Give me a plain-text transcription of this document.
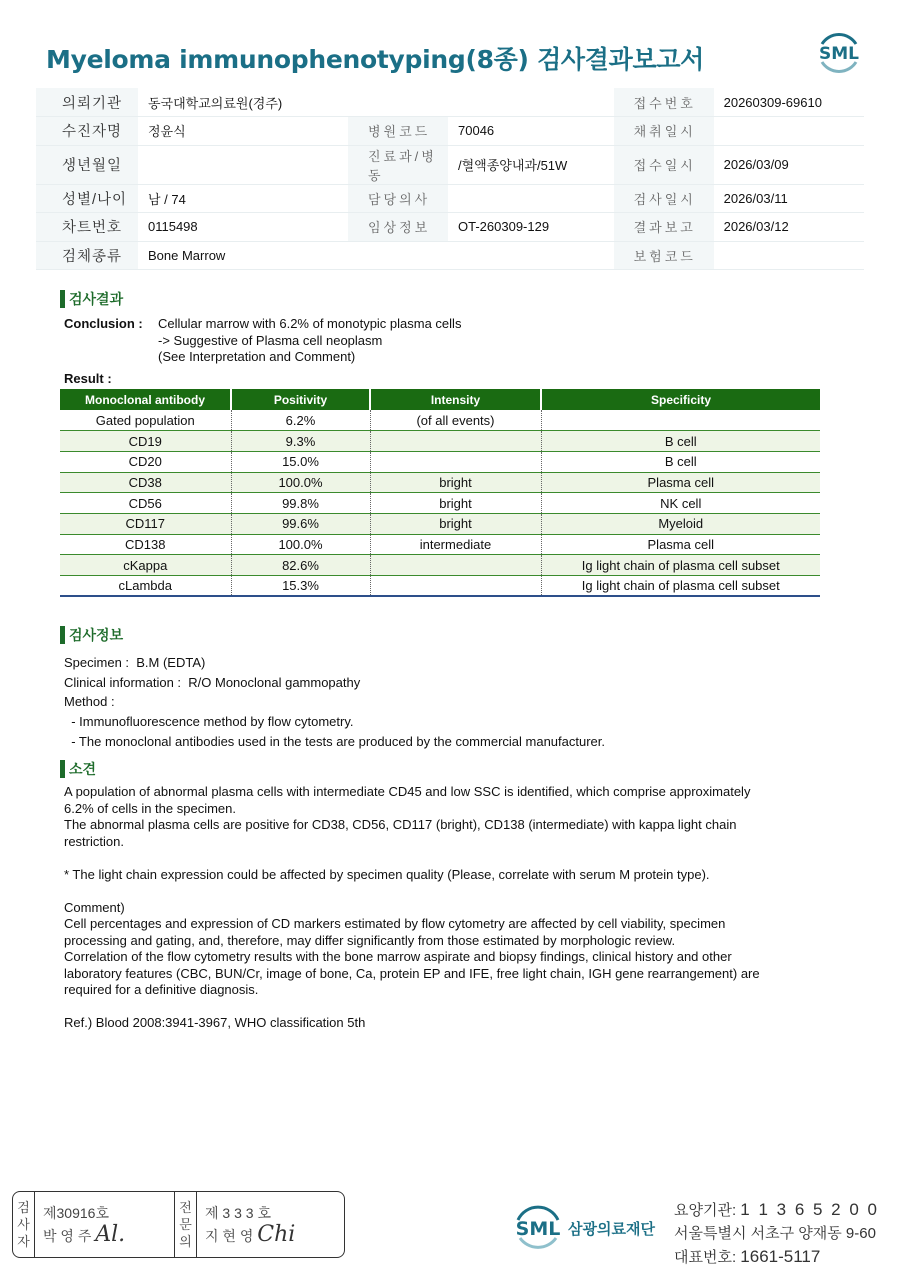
Myeloma immunophenotyping(8종) 검사결과보고서	SML
의뢰기관	동국대학교의료원(경주)			접수번호	20260309-69610
수진자명	정윤식	병원코드	70046	채취일시	
생년월일		진료과/병동	/혈액종양내과/51W	접수일시	2026/03/09
성별/나이	남 / 74	담당의사		검사일시	2026/03/11
차트번호	0115498	임상정보	OT-260309-129	결과보고	2026/03/12
검체종류	Bone Marrow			보험코드	
검사결과
Conclusion : Cellular marrow with 6.2% of monotypic plasma cells
-> Suggestive of Plasma cell neoplasm
(See Interpretation and Comment)
Result :
Monoclonal antibody	Positivity	Intensity	Specificity
Gated population	6.2%	(of all events)	
CD19	9.3%		B cell
CD20	15.0%		B cell
CD38	100.0%	bright	Plasma cell
CD56	99.8%	bright	NK cell
CD117	99.6%	bright	Myeloid
CD138	100.0%	intermediate	Plasma cell
cKappa	82.6%		Ig light chain of plasma cell subset
cLambda	15.3%		Ig light chain of plasma cell subset
검사정보
Specimen :  B.M (EDTA)
Clinical information :  R/O Monoclonal gammopathy
Method :
- Immunofluorescence method by flow cytometry.
- The monoclonal antibodies used in the tests are produced by the commercial manufacturer.
소견
A population of abnormal plasma cells with intermediate CD45 and low SSC is identified, which comprise approximately
6.2% of cells in the specimen.
The abnormal plasma cells are positive for CD38, CD56, CD117 (bright), CD138 (intermediate) with kappa light chain
restriction.
* The light chain expression could be affected by specimen quality (Please, correlate with serum M protein type).
Comment)
Cell percentages and expression of CD markers estimated by flow cytometry are affected by cell viability, specimen
processing and gating, and, therefore, may differ significantly from those estimated by morphologic review.
Correlation of the flow cytometry results with the bone marrow aspirate and biopsy findings, clinical history and other
laboratory features (CBC, BUN/Cr, image of bone, Ca, protein EP and IFE, free light chain, IGH gene rearrangement) are
required for a definitive diagnosis.
Ref.) Blood 2008:3941-3967, WHO classification 5th
검사자
제30916호
박 영 주 Al.
전문의
제 3 3 3 호
지 현 영 Chi	SML 삼광의료재단
요양기관: 1 1 3 6 5 2 0 0
서울특별시 서초구 양재동 9-60
대표번호: 1661-5117
